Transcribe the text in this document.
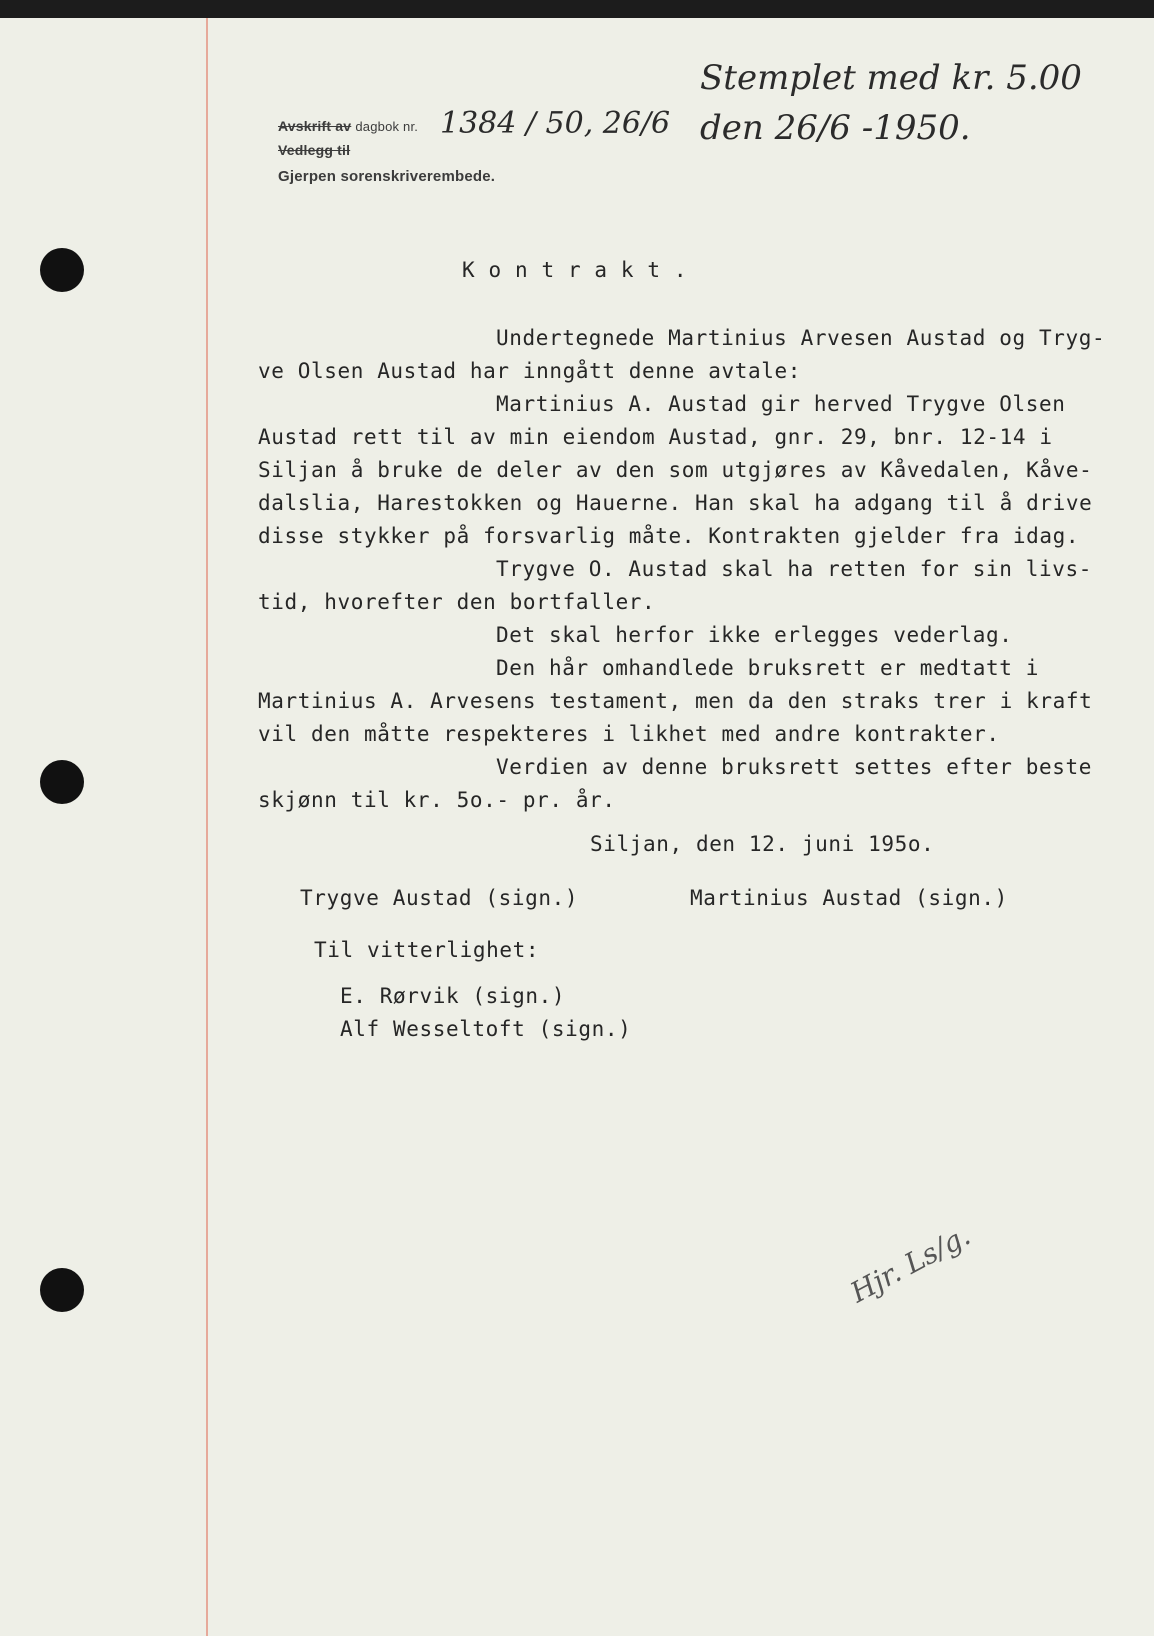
Avskrift av dagbok nr. 1384 / 50, 26/6
Vedlegg til
Gjerpen sorenskriverembede.
Stemplet med kr. 5.00
den 26/6 -1950.
K o n t r a k t .
Undertegnede Martinius Arvesen Austad og Tryg-
ve Olsen Austad har inngått denne avtale:
Martinius A. Austad gir herved Trygve Olsen
Austad rett til av min eiendom Austad, gnr. 29, bnr. 12-14 i
Siljan å bruke de deler av den som utgjøres av Kåvedalen, Kåve-
dalslia, Harestokken og Hauerne. Han skal ha adgang til å drive
disse stykker på forsvarlig måte. Kontrakten gjelder fra idag.
Trygve O. Austad skal ha retten for sin livs-
tid, hvorefter den bortfaller.
Det skal herfor ikke erlegges vederlag.
Den hår omhandlede bruksrett er medtatt i
Martinius A. Arvesens testament, men da den straks trer i kraft
vil den måtte respekteres i likhet med andre kontrakter.
Verdien av denne bruksrett settes efter beste
skjønn til kr. 5o.- pr. år.
Siljan, den 12. juni 195o.
Trygve Austad (sign.)	Martinius Austad (sign.)
Til vitterlighet:
E. Rørvik (sign.)
Alf Wesseltoft (sign.)
Hjr. Ls/g.
